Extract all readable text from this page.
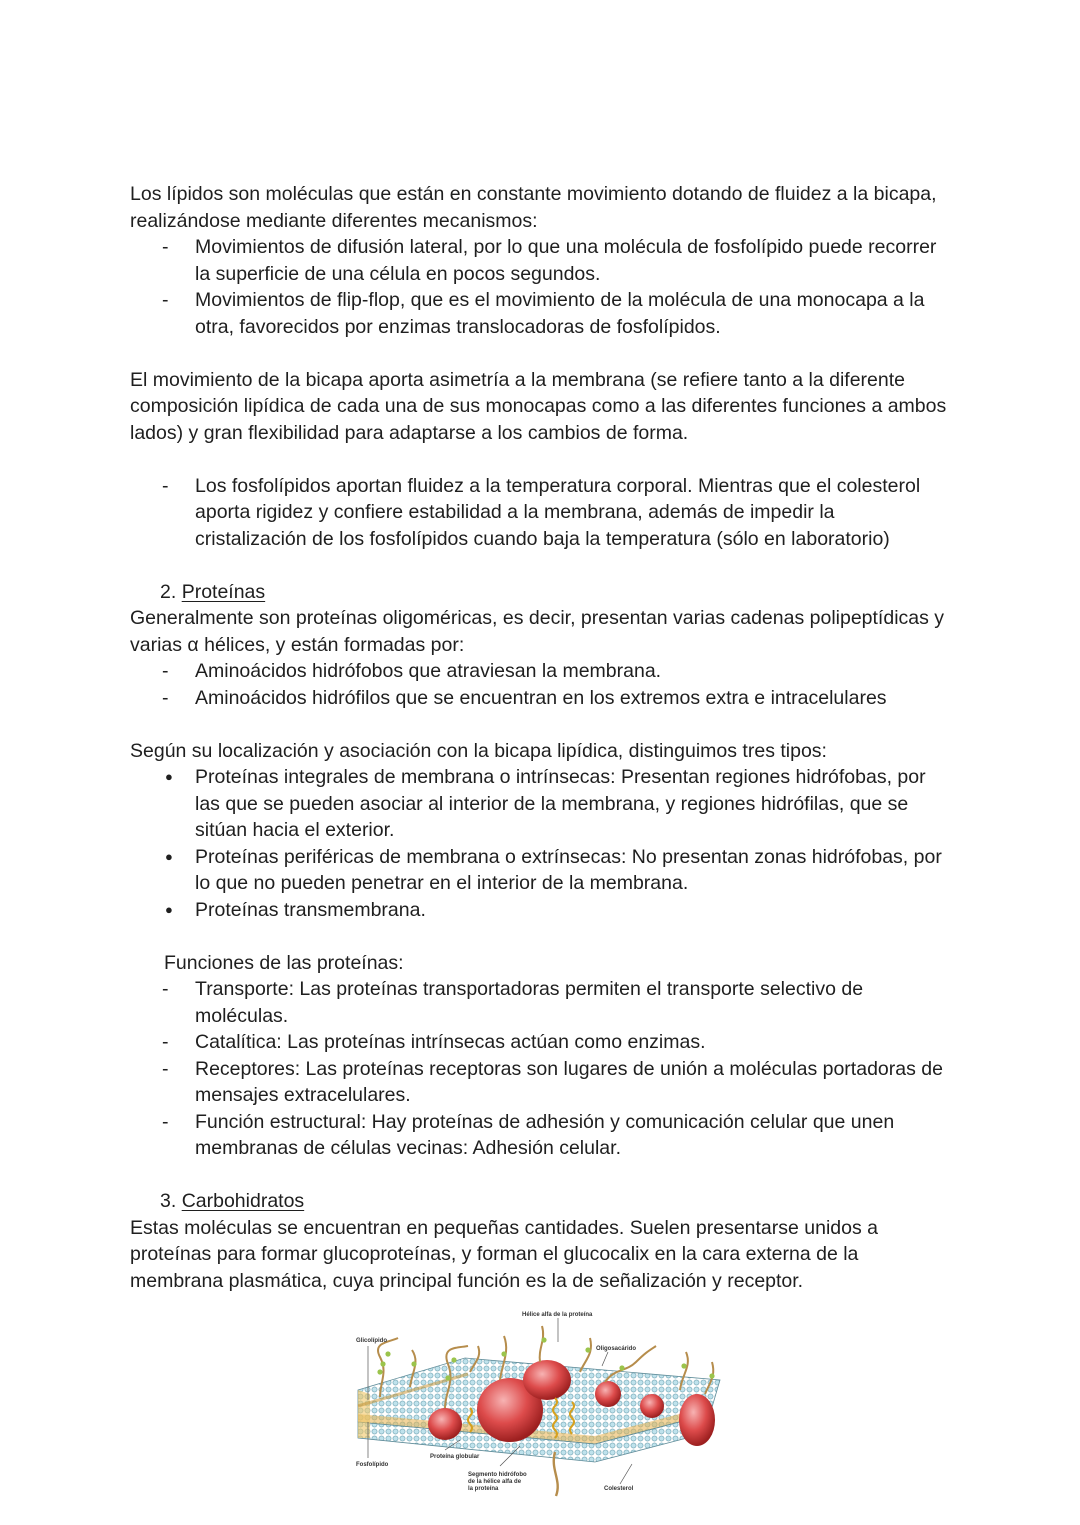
Los lípidos son moléculas que están en constante movimiento dotando de fluidez a la bicapa, realizándose mediante diferentes mecanismos:

- Movimientos de difusión lateral, por lo que una molécula de fosfolípido puede recorrer la superficie de una célula en pocos segundos.
- Movimientos de flip-flop, que es el movimiento de la molécula de una monocapa a la otra, favorecidos por enzimas translocadoras de fosfolípidos.

El movimiento de la bicapa aporta asimetría a la membrana (se refiere tanto a la diferente composición lipídica de cada una de sus monocapas como a las diferentes funciones a ambos lados) y gran flexibilidad para adaptarse a los cambios de forma.

- Los fosfolípidos aportan fluidez a la temperatura corporal. Mientras que el colesterol aporta rigidez y confiere estabilidad a la membrana, además de impedir la cristalización de los fosfolípidos cuando baja la temperatura (sólo en laboratorio)

2. Proteínas

Generalmente son proteínas oligoméricas, es decir, presentan varias cadenas polipeptídicas y varias α hélices, y están formadas por:

- Aminoácidos hidrófobos que atraviesan la membrana.
- Aminoácidos hidrófilos que se encuentran en los extremos extra e intracelulares

Según su localización y asociación con la bicapa lipídica, distinguimos tres tipos:

● Proteínas integrales de membrana o intrínsecas: Presentan regiones hidrófobas, por las que se pueden asociar al interior de la membrana, y regiones hidrófilas, que se sitúan hacia el exterior.
● Proteínas periféricas de membrana o extrínsecas: No presentan zonas hidrófobas, por lo que no pueden penetrar en el interior de la membrana.
● Proteínas transmembrana.

Funciones de las proteínas:

- Transporte: Las proteínas transportadoras permiten el transporte selectivo de moléculas.
- Catalítica: Las proteínas intrínsecas actúan como enzimas.
- Receptores: Las proteínas receptoras son lugares de unión a moléculas portadoras de mensajes extracelulares.
- Función estructural: Hay proteínas de adhesión y comunicación celular que unen membranas de células vecinas: Adhesión celular.

3. Carbohidratos

Estas moléculas se encuentran en pequeñas cantidades. Suelen presentarse unidos a proteínas para formar glucoproteínas, y forman el glucocalix en la cara externa de la membrana plasmática, cuya principal función es la de señalización y receptor.

Hélice alfa de la proteína
Glicolípido
Oligosacárido
Proteína globular
Fosfolípido
Segmento hidrófobo
de la hélice alfa de
la proteína	Colesterol
